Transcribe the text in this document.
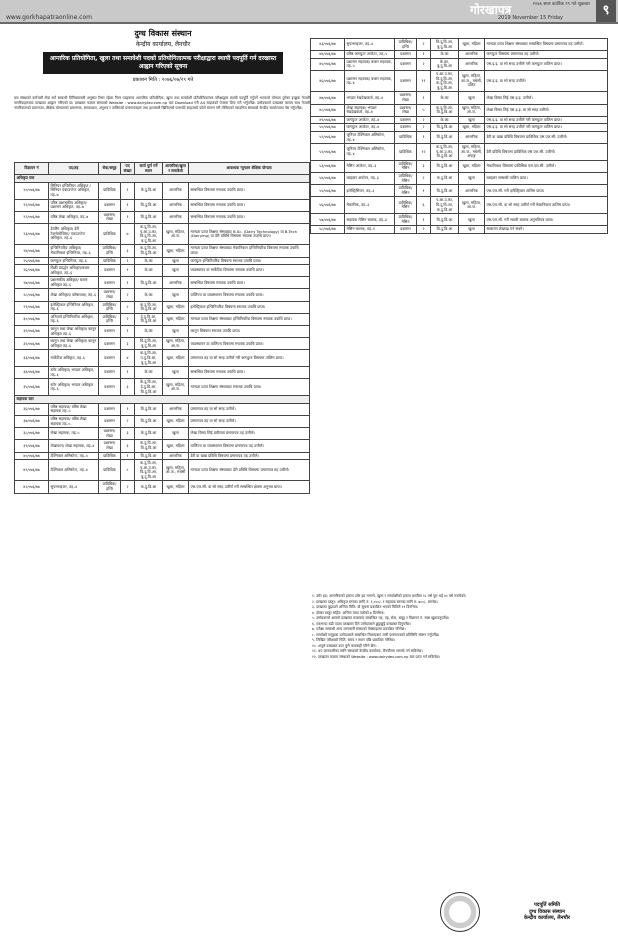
www.gorkhapatraonline.com
गोरखापत्र	२०७६ साल कार्तिक २९ गते शुक्रबार
2019 November 15 Friday	९
दुग्ध विकास संस्थान
केन्द्रीय कार्यालय, लैनचौर
आन्तरिक प्रतियोगिता, खुला तथा समावेशी पदको प्रतियोगितात्मक परीक्षाद्वारा स्थायी पदपूर्ति गर्न दरखास्त आह्वान गरिएको सूचना
प्रकाशन मिति : २०७६/०७/२९ गते
यस संस्थाको कर्मचारी सेवा सर्त सम्बन्धी विनियमावली अनुसार रिक्त रहेका निम्न पदहरूमा आन्तरिक प्रतियोगिता, खुला तथा समावेशी प्रतियोगितात्मक परीक्षाद्वारा स्थायी पदपूर्ति गर्नुपर्ने भएकाले योग्यता पुगेका इच्छुक नेपाली नागरिकहरूबाट दरखास्त आह्वान गरिएको छ। दरखास्त फाराम संस्थाको Website : www.dairydev.com.np बाट Download गरी A4 साइजको पेपरमा प्रिन्ट गरी भर्नुपर्नेछ। उम्मेदवारले दरखास्त फाराम साथ नेपाली नागरिकताको प्रमाणपत्र, शैक्षिक योग्यताको प्रमाणपत्र, समकक्षता, अनुभव र तालिमको प्रमाणपत्रहरू तथा हालसालै खिचिएको पासपोर्ट साइजको फोटो संलग्न गरी तोकिएको म्यादभित्र संस्थाको केन्द्रीय कार्यालयमा पेस गर्नुपर्नेछ।
विज्ञापन नं	पद/तह	सेवा/समूह	पद संख्या	कार्य पूर्ण गर्ने स्थान	आन्तरिक/खुला र समावेशी	आवश्यक न्यूनतम शैक्षिक योग्यता
अधिकृत स्तर						
२०/०७६/७७	सिनियर इन्जिनियर अधिकृत / सिनियर एकाउन्टेन्ट अधिकृत, तह–७	प्राविधिक	१	के.दु.वि.आ	आन्तरिक	सम्बन्धित विषयमा स्नातक उपाधि प्राप्त।
२१/०७६/७७	वरिष्ठ प्रशासकीय अधिकृत/प्रशासन अधिकृत, तह–७	प्रशासन	१	वि.दु.वि.आ	आन्तरिक	सम्बन्धित विषयमा स्नातक उपाधि प्राप्त।
२२/०७६/७७	वरिष्ठ लेखा अधिकृत, तह–७	प्रशासन/लेखा	१	वि.दु.वि.आ	आन्तरिक	सम्बन्धित विषयमा स्नातक उपाधि प्राप्त।
२३/०७६/७७	डेयरिंग अधिकृत/ डेरी टेक्नोलोजिस्ट/ एकाउन्टेन्ट अधिकृत, तह–६	प्राविधिक	७	क.दु.वि.आ, प.आ.उ.का, वि.दु.वि.आ, ब.दु.वि.आ	खुला, महिला, आ.ज.	मान्यता प्राप्त शिक्षण संस्थाबाट B.Sc. (Dairy Technology) वा B.Tech (Dairying) वा डेरी प्रविधि विषयमा स्नातक उपाधि प्राप्त।
२४/०७६/७७	इन्जिनियरिङ अधिकृत/ मेकानिकल इन्जिनियर, तह–६	प्राविधिक/इन्जि	३	क.दु.वि.आ, वि.दु.वि.आ	खुला, महिला	मान्यता प्राप्त शिक्षण संस्थाबाट मेकानिकल इन्जिनियरिङ विषयमा स्नातक उपाधि प्राप्त।
२५/०७६/७७	कम्प्युटर इन्जिनियर, तह–६	प्राविधिक	१	के.का	खुला	कम्प्युटर इन्जिनियरिङ विषयमा स्नातक उपाधि प्राप्त।
२६/०७६/७७	बिक्री प्रवर्द्धन अधिकृत/बजार अधिकृत, तह–६	प्रशासन	१	के.का	खुला	व्यवस्थापन वा मार्केटिङ विषयमा स्नातक उपाधि प्राप्त।
२७/०७६/७७	प्रशासकीय अधिकृत/ बजार अधिकृत तह–६	प्रशासन	१	वि.दु.वि.आ	आन्तरिक	सम्बन्धित विषयमा स्नातक उपाधि प्राप्त।
२८/०७६/७७	लेखा अधिकृत/ कोषाध्यक्ष, तह–६	प्रशासन/लेखा	२	के.का	खुला	वाणिज्य वा व्यवस्थापन विषयमा स्नातक उपाधि प्राप्त।
२९/०७६/७७	इलेक्ट्रिकल इन्जिनियर अधिकृत, तह–६	प्राविधिक/इन्जि	२	क.दु.वि.आ, वि.दु.वि.आ	खुला, महिला	इलेक्ट्रिकल इन्जिनियरिङ विषयमा स्नातक उपाधि प्राप्त।
३०/०७६/७७	अनिवार्य इन्जिनियरिङ अधिकृत, तह–६	प्राविधिक/इन्जि	२	हे.दु.वि.आ, वि.दु.वि.आ	खुला, महिला	मान्यता प्राप्त शिक्षण संस्थाबाट इन्जिनियरिङ विषयमा स्नातक उपाधि प्राप्त।
३१/०७६/७७	कानुन तथा लेखा अधिकृत/ कानुन अधिकृत तह–६	प्रशासन	१	के.का	खुला	कानुन विषयमा स्नातक उपाधि प्राप्त।
३२/०७६/७७	कानुन तथा लेखा अधिकृत/ कानुन अधिकृत तह–६	प्रशासन	३	वि.दु.वि.आ, बु.दु.वि.आ	खुला, महिला, आ.ज.	व्यवस्थापन वा वाणिज्य विषयमा स्नातक उपाधि प्राप्त।
३३/०७६/७७	मार्केटिङ अधिकृत, तह–६	प्रशासन	४	क.दु.वि.आ, प.दु.वि.आ, बु.दु.वि.आ	खुला, महिला	प्रमाणपत्र तह वा सो सरह उत्तीर्ण गरी कम्प्युटर विषयमा तालिम प्राप्त।
३४/०७६/७७	स्टोर अधिकृत/ भण्डार अधिकृत, तह–६	प्रशासन	१	के.का	खुला	सम्बन्धित विषयमा स्नातक उपाधि प्राप्त।
३५/०७६/७७	स्टोर अधिकृत/ भण्डार अधिकृत तह–६	प्रशासन	३	के.दु.वि.आ, हे.दु.वि.आ, वि.दु.वि.आ	खुला, महिला, आ.ज.	मान्यता प्राप्त शिक्षण संस्थाबाट स्नातक उपाधि प्राप्त।
सहायक स्तर						
३६/०७६/७७	वरिष्ठ सहायक/ वरिष्ठ लेखा सहायक तह–५	प्रशासन	१	वि.दु.वि.आ	आन्तरिक	प्रमाणपत्र तह वा सो सरह उत्तीर्ण।
३७/०७६/७७	वरिष्ठ सहायक/ वरिष्ठ लेखा सहायक तह–५	प्रशासन	२	वि.दु.वि.आ	खुला, महिला	प्रमाणपत्र तह वा सो सरह उत्तीर्ण।
३८/०७६/७७	लेखा सहायक, तह–५	प्रशासन/लेखा	३	के.दु.वि.आ	खुला	लेखा विषय लिई प्रवीणता प्रमाणपत्र तह उत्तीर्ण।
३९/०७६/७७	लेखापाल/ लेखा सहायक, तह–४	प्रशासन/लेखा	३	क.दु.वि.आ, वि.दु.वि.आ	खुला, महिला	वाणिज्य वा व्यवस्थापन विषयमा प्रमाणपत्र तह उत्तीर्ण।
४०/०७६/७७	टेक्निकल असिस्टेन्ट, तह–५	प्राविधिक	१	वि.दु.वि.आ	आन्तरिक	डेरी वा खाद्य प्रविधि विषयमा प्रमाणपत्र तह उत्तीर्ण।
४१/०७६/७७	टेक्निकल असिस्टेन्ट, तह–४	प्राविधिक	८	क.दु.वि.आ, प.आ.उ.का, वि.दु.वि.आ, बु.दु.वि.आ	खुला, महिला, आ.ज., मधेसी	मान्यता प्राप्त शिक्षण संस्थाबाट डेरी प्रविधि विषयमा प्रमाणपत्र तह उत्तीर्ण।
४२/०७६/७७	सुपरभाइजर, तह–४	प्राविधिक/इन्जि	२	क.दु.वि.आ	खुला, महिला	एस.एल.सी. वा सो सरह उत्तीर्ण गरी सम्बन्धित क्षेत्रमा अनुभव प्राप्त।
४३/०७६/७७	सुपरभाइजर, तह–४	प्राविधिक/इन्जि	२	वि.दु.वि.आ, बु.दु.वि.आ	खुला, महिला	मान्यता प्राप्त शिक्षण संस्थाबाट सम्बन्धित विषयमा प्रमाणपत्र तह उत्तीर्ण।
४४/०७६/७७	वरिष्ठ कम्प्युटर अपरेटर, तह–५	प्रशासन	१	के.का	आन्तरिक	कम्प्युटर विषयमा प्रमाणपत्र तह उत्तीर्ण।
४५/०७६/७७	प्रशासन सहायक/ बजार सहायक, तह–५	प्रशासन	२	के.का, बु.दु.वि.आ	आन्तरिक	एस.इ.इ. वा सो सरह उत्तीर्ण गरी कम्प्युटर तालिम प्राप्त।
४६/०७६/७७	प्रशासन सहायक/ बजार सहायक, तह–४	प्रशासन	११	प.आ.उ.का, वि.दु.वि.आ, क.दु.वि.आ, बु.दु.वि.आ	खुला, महिला, आ.ज., मधेसी, दलित	एस.इ.इ. वा सो सरह उत्तीर्ण।
४७/०७६/७७	भण्डार रेखदेखकर्ता, तह–४	प्रशासन/लेखा	१	के.का	खुला	लेखा विषय लिई एस.इ.इ. उत्तीर्ण।
४८/०७६/७७	लेखा सहायक/ भण्डार रेखदेखकर्ता, तह–४	प्रशासन/लेखा	५	क.दु.वि.आ, वि.दु.वि.आ	खुला, महिला, आ.ज.	लेखा विषय लिई एस.इ.इ. वा सो सरह उत्तीर्ण।
४९/०७६/७७	कम्प्युटर अपरेटर, तह–४	प्रशासन	२	के.का	खुला	एस.इ.इ. वा सो सरह उत्तीर्ण गरी कम्प्युटर तालिम प्राप्त।
५०/०७६/७७	कम्प्युटर अपरेटर, तह–४	प्रशासन	२	वि.दु.वि.आ	खुला, महिला	एस.इ.इ. वा सो सरह उत्तीर्ण गरी कम्प्युटर तालिम प्राप्त।
५१/०७६/७७	जुनियर टेक्निकल असिस्टेन्ट, तह–४	प्राविधिक	१	वि.दु.वि.आ	आन्तरिक	डेरी वा खाद्य प्रविधि विषयमा प्राविधिक एस.एल.सी. उत्तीर्ण।
५२/०७६/७७	जुनियर टेक्निकल असिस्टेन्ट, तह–४	प्राविधिक	१२	क.दु.वि.आ, प.आ.उ.का, वि.दु.वि.आ	खुला, महिला, आ.ज., मधेसी, अपाङ्ग	डेरी प्रविधि विषयमा प्राविधिक एस.एल.सी. उत्तीर्ण।
५३/०७६/७७	मेसिन अपरेटर, तह–३	प्राविधिक/मेसिन	३	वि.दु.वि.आ	खुला, महिला	मेकानिकल विषयमा प्राविधिक एस.एल.सी. उत्तीर्ण।
५४/०७६/७७	ब्वाइलर अपरेटर, तह–३	प्राविधिक/मेसिन	२	क.दु.वि.आ	खुला	ब्वाइलर सम्बन्धी तालिम प्राप्त।
५५/०७६/७७	इलेक्ट्रिसियन, तह–३	प्राविधिक/मेसिन	१	वि.दु.वि.आ	आन्तरिक	एस.एल.सी. गरी इलेक्ट्रिकल तालिम प्राप्त।
५६/०७६/७७	मेकानिक, तह–३	प्राविधिक/मेसिन	६	प.आ.उ.का, वि.दु.वि.आ, क.दु.वि.आ	खुला, महिला, आ.ज.	एस.एल.सी. वा सो सरह उत्तीर्ण गरी मेकानिकल तालिम प्राप्त।
५७/०७६/७७	सहायक मेसिन चालक, तह–३	प्राविधिक/मेसिन	१	वि.दु.वि.आ	खुला	एस.एल.सी. गरी सवारी चालक अनुमतिपत्र प्राप्त।
५८/०७६/७७	मेसिन चालक, तह–१	प्रशासन	२	वि.दु.वि.आ	खुला	साधारण लेखपढ गर्न सक्ने।
१. उमेर हद: आन्तरिकको हकमा उमेर हद नलाग्ने, खुला र समावेशीको हकमा कम्तीमा १८ वर्ष पूरा भई ४० वर्ष ननाघेको।
२. दरखास्त दस्तुर: अधिकृत स्तरका लागि रु. १,०००/- र सहायक स्तरका लागि रु. ७००/- लाग्नेछ।
३. दरखास्त बुझाउने अन्तिम मिति: यो सूचना प्रकाशित भएको मितिले २१ दिनभित्र।
४. दोब्बर दस्तुर सहित: अन्तिम म्याद नाघेको ७ दिनभित्र।
५. उम्मेदवारले आफ्नो दरखास्त फाराममा सम्बन्धित पद, तह, सेवा, समूह र विज्ञापन नं. स्पष्ट खुलाउनुपर्नेछ।
६. एकभन्दा बढी पदमा दरखास्त दिने उम्मेदवारले छुट्टाछुट्टै दरखास्त दिनुपर्नेछ।
७. परीक्षा सम्बन्धी अन्य जानकारी संस्थाको वेबसाइटमा प्रकाशित गरिनेछ।
८. समावेशी समूहका उम्मेदवारले सम्बन्धित निकायबाट जारी प्रमाणपत्रको प्रतिलिपि संलग्न गर्नुपर्नेछ।
९. लिखित परीक्षाको मिति, समय र स्थान पछि प्रकाशित गरिनेछ।
१०. अपूर्ण दरखास्त उपर कुनै कारबाही गरिने छैन।
११. थप जानकारीका लागि संस्थाको केन्द्रीय कार्यालय, लैनचौरमा सम्पर्क गर्न सकिनेछ।
१२. दरखास्त फाराम संस्थाको Website : www.dairydev.com.np बाट प्राप्त गर्न सकिनेछ।
पदपूर्ति समिति
दुग्ध विकास संस्थान
केन्द्रीय कार्यालय, लैनचौर
